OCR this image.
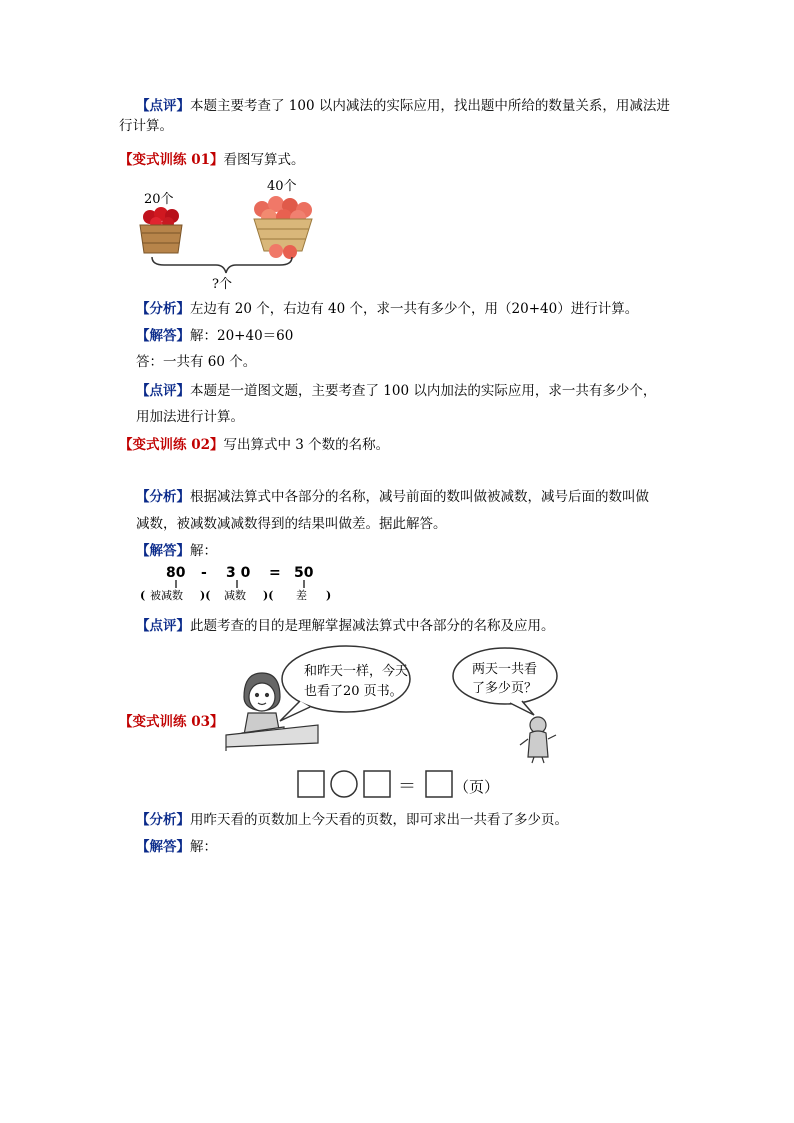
【点评】本题主要考查了 100 以内减法的实际应用，找出题中所给的数量关系，用减法进
行计算。
【变式训练 01】看图写算式。
20个
40个
?个
【分析】左边有 20 个，右边有 40 个，求一共有多少个，用（20+40）进行计算。
【解答】解：20+40＝60
答：一共有 60 个。
【点评】本题是一道图文题，主要考查了 100 以内加法的实际应用，求一共有多少个，
用加法进行计算。
【变式训练 02】写出算式中 3 个数的名称。
【分析】根据减法算式中各部分的名称，减号前面的数叫做被减数，减号后面的数叫做
减数，被减数减减数得到的结果叫做差。据此解答。
【解答】解：
80 - 3 0 = 50
( 被减数 )( 减数 )( 差 )
【点评】此题考查的目的是理解掌握减法算式中各部分的名称及应用。
【变式训练 03】
和昨天一样，今天
也看了20 页书。
两天一共看
了多少页？
＝	（页）
【分析】用昨天看的页数加上今天看的页数，即可求出一共看了多少页。
【解答】解：
